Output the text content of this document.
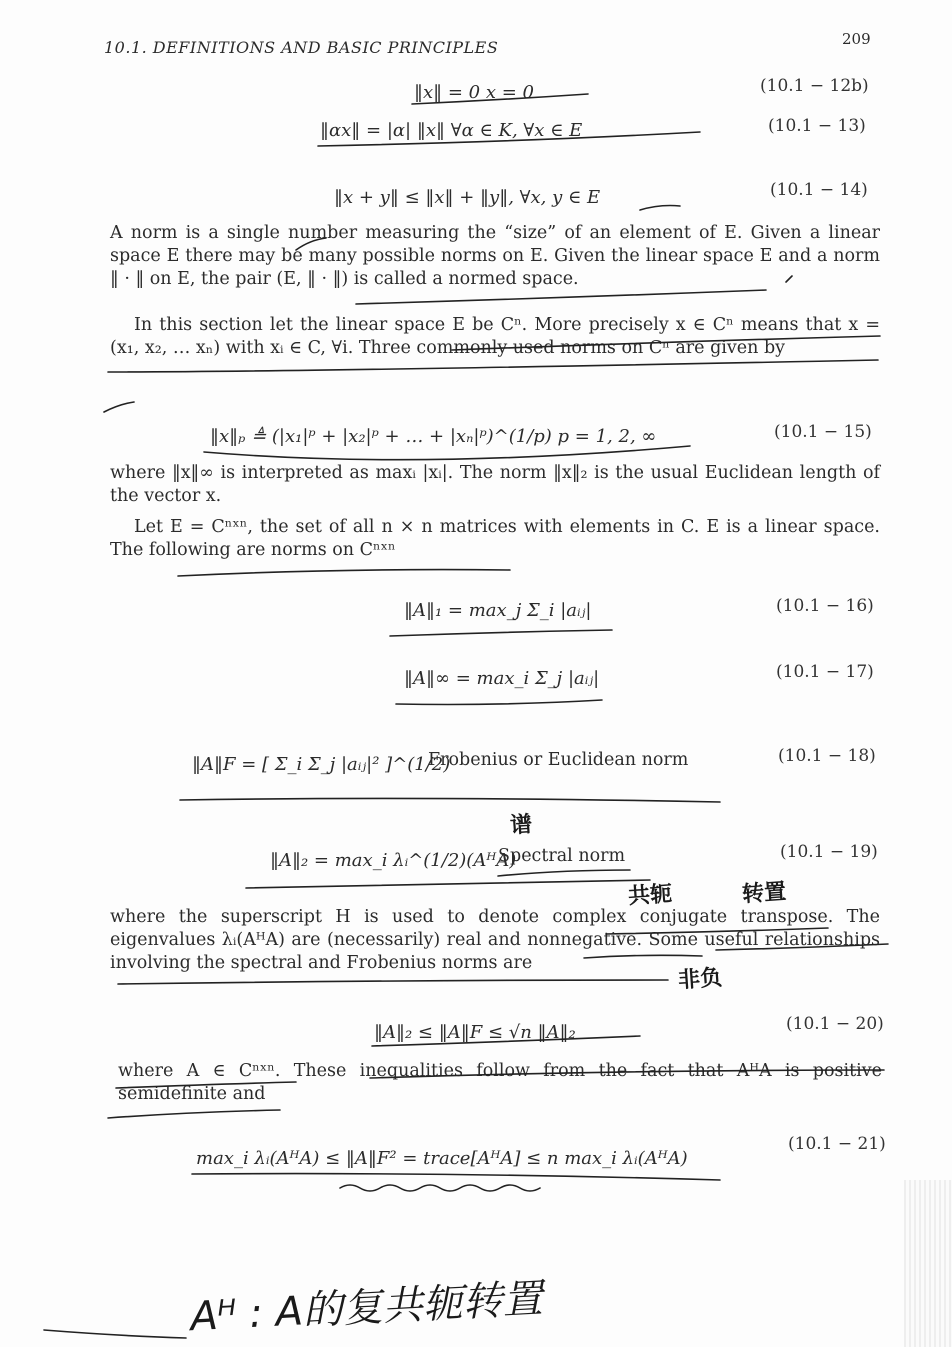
10.1. DEFINITIONS AND BASIC PRINCIPLES	209
‖x‖ = 0 x = 0	(10.1 − 12b)
‖αx‖ = |α| ‖x‖ ∀α ∈ K, ∀x ∈ E	(10.1 − 13)
‖x + y‖ ≤ ‖x‖ + ‖y‖, ∀x, y ∈ E	(10.1 − 14)
A norm is a single number measuring the “size” of an element of E. Given a linear space E there may be many possible norms on E. Given the linear space E and a norm ‖ · ‖ on E, the pair (E, ‖ · ‖) is called a normed space.
In this section let the linear space E be Cⁿ. More precisely x ∈ Cⁿ means that x = (x₁, x₂, … xₙ) with xᵢ ∈ C, ∀i. Three commonly used norms on Cⁿ are given by
‖x‖ₚ ≜ (|x₁|ᵖ + |x₂|ᵖ + … + |xₙ|ᵖ)^(1/p) p = 1, 2, ∞	(10.1 − 15)
where ‖x‖∞ is interpreted as maxᵢ |xᵢ|. The norm ‖x‖₂ is the usual Euclidean length of the vector x.
Let E = Cⁿˣⁿ, the set of all n × n matrices with elements in C. E is a linear space. The following are norms on Cⁿˣⁿ
‖A‖₁ = max_j Σ_i |aᵢⱼ|	(10.1 − 16)
‖A‖∞ = max_i Σ_j |aᵢⱼ|	(10.1 − 17)
‖A‖F = [ Σ_i Σ_j |aᵢⱼ|² ]^(1/2)
Frobenius or Euclidean norm	(10.1 − 18)
‖A‖₂ = max_i λᵢ^(1/2)(AᴴA)
Spectral norm	(10.1 − 19)
where the superscript H is used to denote complex conjugate transpose. The eigenvalues λᵢ(AᴴA) are (necessarily) real and nonnegative. Some useful relationships involving the spectral and Frobenius norms are
‖A‖₂ ≤ ‖A‖F ≤ √n ‖A‖₂	(10.1 − 20)
where A ∈ Cⁿˣⁿ. These inequalities follow from the fact that AᴴA is positive semidefinite and
max_i λᵢ(AᴴA) ≤ ‖A‖F² = trace[AᴴA] ≤ n max_i λᵢ(AᴴA)
(10.1 − 21)
谱
共轭	转置
非负
Aᴴ : A的复共轭转置
